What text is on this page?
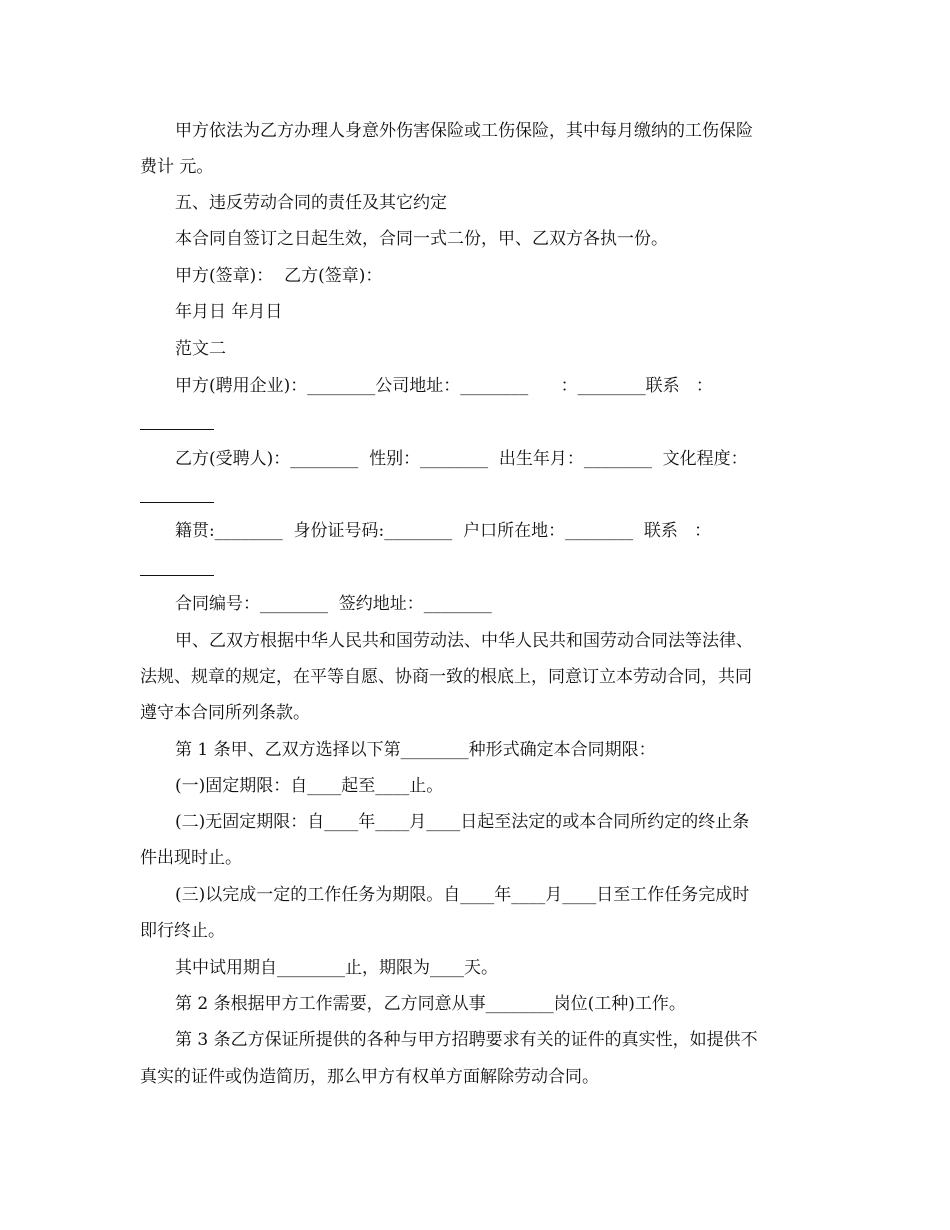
甲方依法为乙方办理人身意外伤害保险或工伤保险，其中每月缴纳的工伤保险
费计 元。
五、违反劳动合同的责任及其它约定
本合同自签订之日起生效，合同一式二份，甲、乙双方各执一份。
甲方(签章)：  乙方(签章)：
年月日 年月日
范文二
甲方(聘用企业)：________公司地址：________      ：________联系   ：
乙方(受聘人)：________  性别：________  出生年月：________  文化程度：
籍贯:________  身份证号码:________  户口所在地：________  联系   ：
合同编号：________  签约地址：________
甲、乙双方根据中华人民共和国劳动法、中华人民共和国劳动合同法等法律、
法规、规章的规定，在平等自愿、协商一致的根底上，同意订立本劳动合同，共同
遵守本合同所列条款。
第 1 条甲、乙双方选择以下第________种形式确定本合同期限：
(一)固定期限：自____起至____止。
(二)无固定期限：自____年____月____日起至法定的或本合同所约定的终止条
件出现时止。
(三)以完成一定的工作任务为期限。自____年____月____日至工作任务完成时
即行终止。
其中试用期自________止，期限为____天。
第 2 条根据甲方工作需要，乙方同意从事________岗位(工种)工作。
第 3 条乙方保证所提供的各种与甲方招聘要求有关的证件的真实性，如提供不
真实的证件或伪造简历，那么甲方有权单方面解除劳动合同。
